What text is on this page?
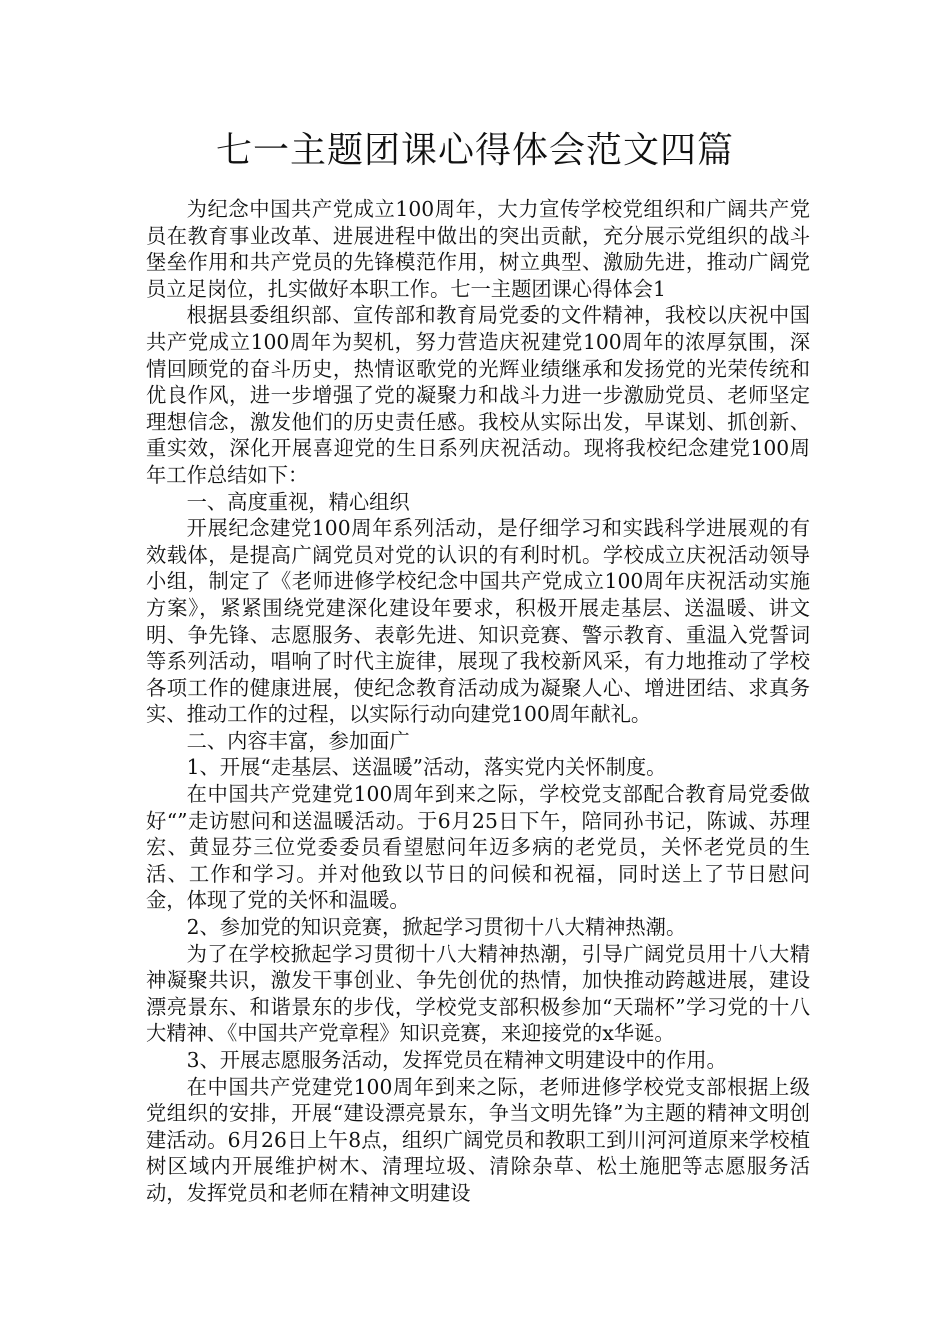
七一主题团课心得体会范文四篇

为纪念中国共产党成立100周年，大力宣传学校党组织和广阔共产党员在教育事业改革、进展进程中做出的突出贡献，充分展示党组织的战斗堡垒作用和共产党员的先锋模范作用，树立典型、激励先进，推动广阔党员立足岗位，扎实做好本职工作。七一主题团课心得体会1

根据县委组织部、宣传部和教育局党委的文件精神，我校以庆祝中国共产党成立100周年为契机，努力营造庆祝建党100周年的浓厚氛围，深情回顾党的奋斗历史，热情讴歌党的光辉业绩继承和发扬党的光荣传统和优良作风，进一步增强了党的凝聚力和战斗力进一步激励党员、老师坚定理想信念，激发他们的历史责任感。我校从实际出发，早谋划、抓创新、重实效，深化开展喜迎党的生日系列庆祝活动。现将我校纪念建党100周年工作总结如下：

一、高度重视，精心组织

开展纪念建党100周年系列活动，是仔细学习和实践科学进展观的有效载体，是提高广阔党员对党的认识的有利时机。学校成立庆祝活动领导小组，制定了《老师进修学校纪念中国共产党成立100周年庆祝活动实施方案》，紧紧围绕党建深化建设年要求，积极开展走基层、送温暖、讲文明、争先锋、志愿服务、表彰先进、知识竞赛、警示教育、重温入党誓词等系列活动，唱响了时代主旋律，展现了我校新风采，有力地推动了学校各项工作的健康进展，使纪念教育活动成为凝聚人心、增进团结、求真务实、推动工作的过程，以实际行动向建党100周年献礼。

二、内容丰富，参加面广

1、开展“走基层、送温暖”活动，落实党内关怀制度。

在中国共产党建党100周年到来之际，学校党支部配合教育局党委做好“”走访慰问和送温暖活动。于6月25日下午，陪同孙书记，陈诚、苏理宏、黄显芬三位党委委员看望慰问年迈多病的老党员，关怀老党员的生活、工作和学习。并对他致以节日的问候和祝福，同时送上了节日慰问金，体现了党的关怀和温暖。

2、参加党的知识竞赛，掀起学习贯彻十八大精神热潮。

为了在学校掀起学习贯彻十八大精神热潮，引导广阔党员用十八大精神凝聚共识，激发干事创业、争先创优的热情，加快推动跨越进展，建设漂亮景东、和谐景东的步伐，学校党支部积极参加“天瑞杯”学习党的十八大精神、《中国共产党章程》知识竞赛，来迎接党的x华诞。

3、开展志愿服务活动，发挥党员在精神文明建设中的作用。

在中国共产党建党100周年到来之际，老师进修学校党支部根据上级党组织的安排，开展“建设漂亮景东，争当文明先锋”为主题的精神文明创建活动。6月26日上午8点，组织广阔党员和教职工到川河河道原来学校植树区域内开展维护树木、清理垃圾、清除杂草、松土施肥等志愿服务活动，发挥党员和老师在精神文明建设
